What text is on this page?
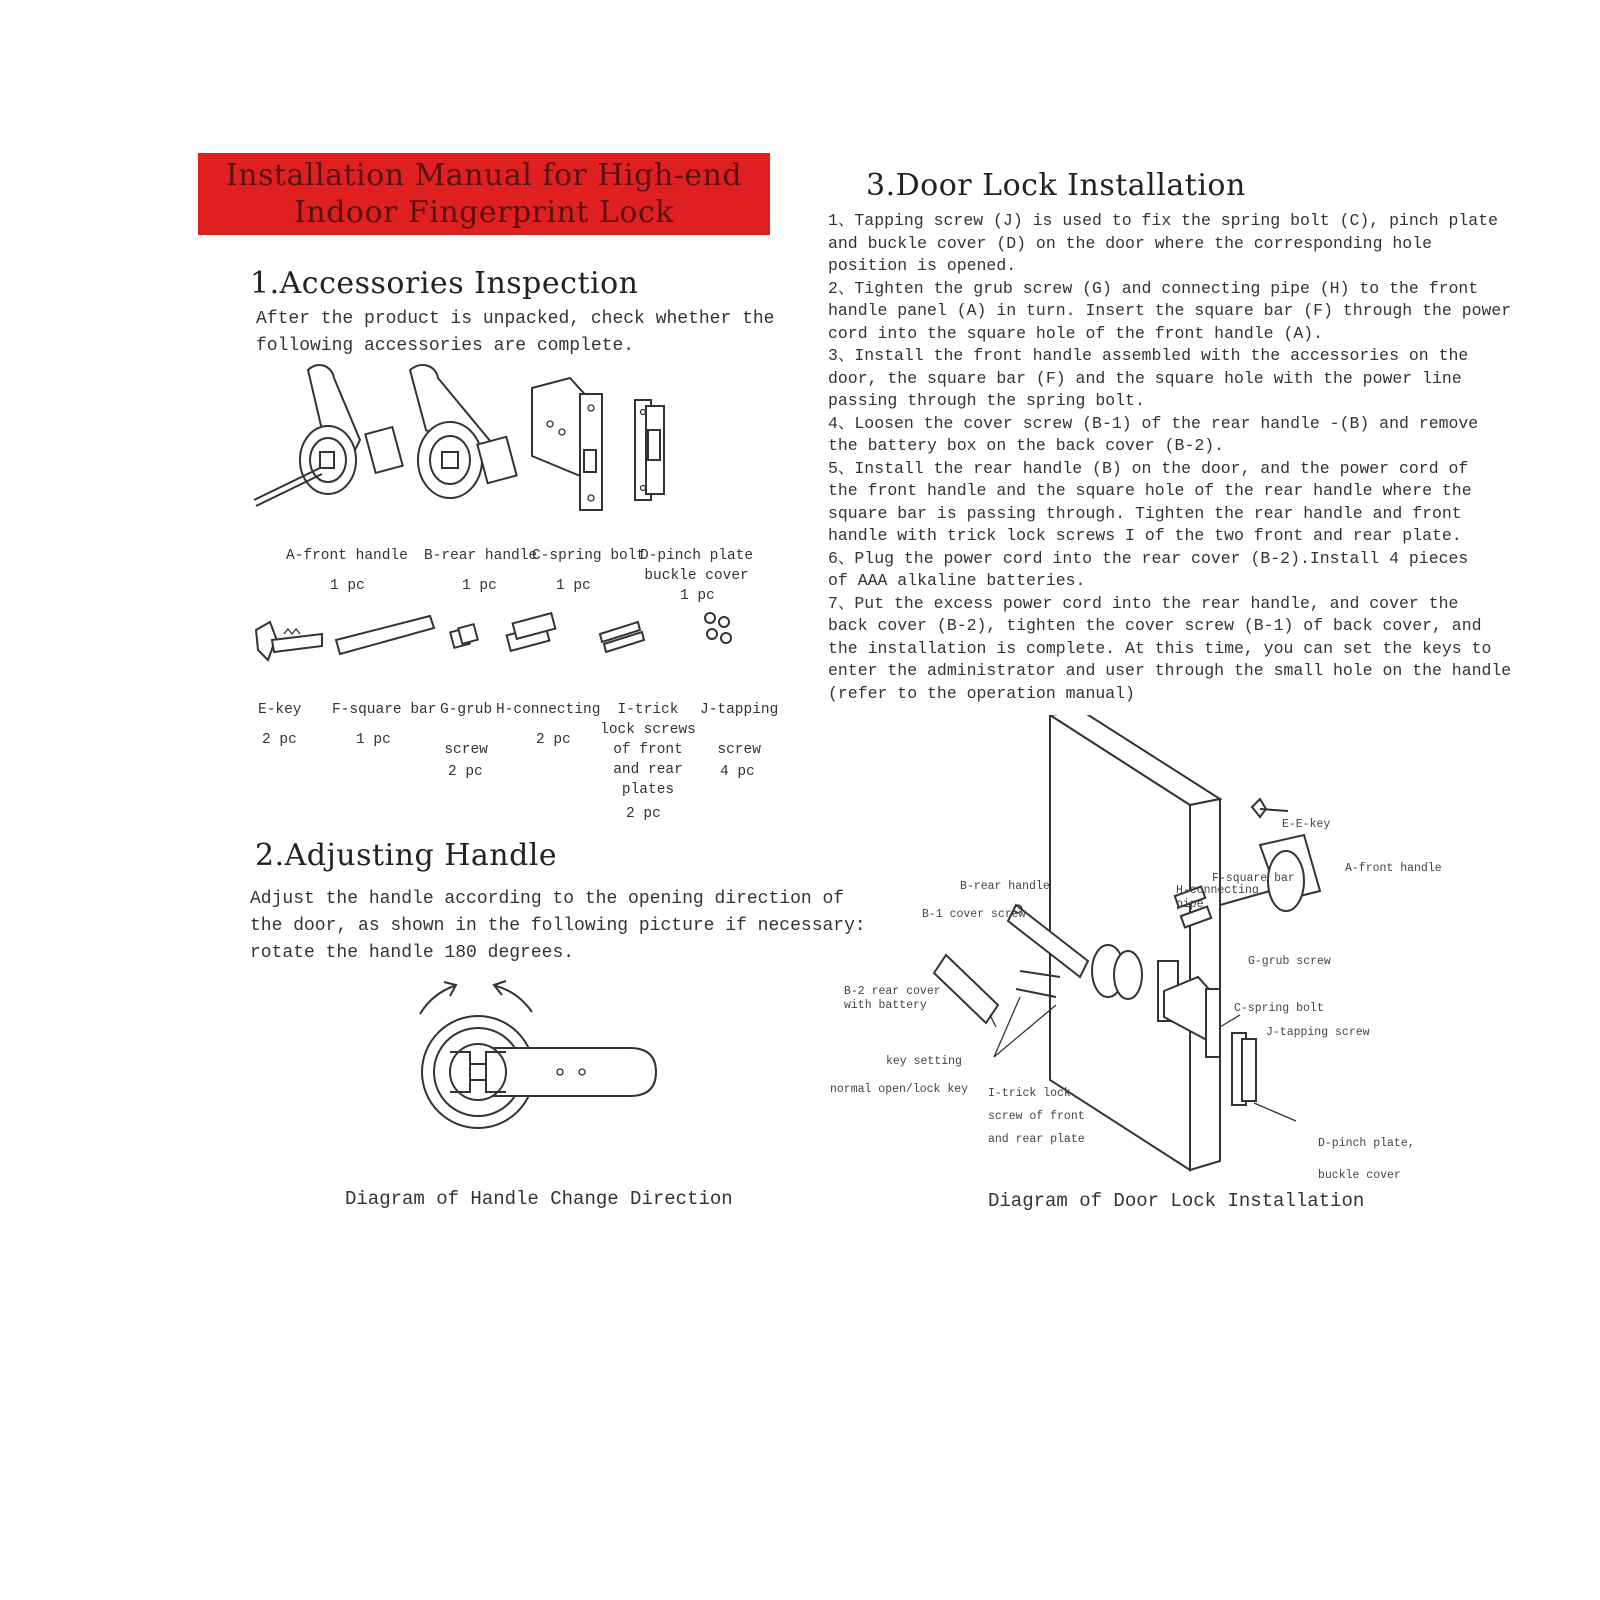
Installation Manual for High-end
Indoor Fingerprint Lock
1.Accessories Inspection
After the product is unpacked, check whether the
following accessories are complete.
A-front handle
1 pc
B-rear handle
1 pc
C-spring bolt
1 pc
D-pinch plate
buckle cover
1 pc
E-key
2 pc
F-square bar
1 pc
G-grub

screw
2 pc
H-connecting
2 pc
I-trick
lock screws
of front
and rear
plates
2 pc
J-tapping

screw
4 pc
2.Adjusting Handle
Adjust the handle according to the opening direction of
the door, as shown in the following picture if necessary:
rotate the handle 180 degrees.
Diagram of Handle Change Direction
3.Door Lock Installation
1、Tapping screw (J) is used to fix the spring bolt (C), pinch plate
and buckle cover (D) on the door where the corresponding hole
position is opened.
2、Tighten the grub screw (G) and connecting pipe (H) to the front
handle panel (A) in turn. Insert the square bar (F) through the power
cord into the square hole of the front handle (A).
3、Install the front handle assembled with the accessories on the
door, the square bar (F) and the square hole with the power line
passing through the spring bolt.
4、Loosen the cover screw (B-1) of the rear handle -(B) and remove
the battery box on the back cover (B-2).
5、Install the rear handle (B) on the door, and the power cord of
the front handle and the square hole of the rear handle where the
square bar is passing through. Tighten the rear handle and front
handle with trick lock screws I of the two front and rear plate.
6、Plug the power cord into the rear cover (B-2).Install 4 pieces
of AAA alkaline batteries.
7、Put the excess power cord into the rear handle, and cover the
back cover (B-2), tighten the cover screw (B-1) of back cover, and
the installation is complete. At this time, you can set the keys to
enter the administrator and user through the small hole on the handle
(refer to the operation manual)
E-E-key
A-front handle
F-square bar
H-connecting
pipe
B-rear handle
B-1 cover screw
G-grub screw
B-2 rear cover
with battery	C-spring bolt
J-tapping screw
key setting
normal open/lock key I-trick lock
screw of front
and rear plate	D-pinch plate,

buckle cover
Diagram of Door Lock Installation
